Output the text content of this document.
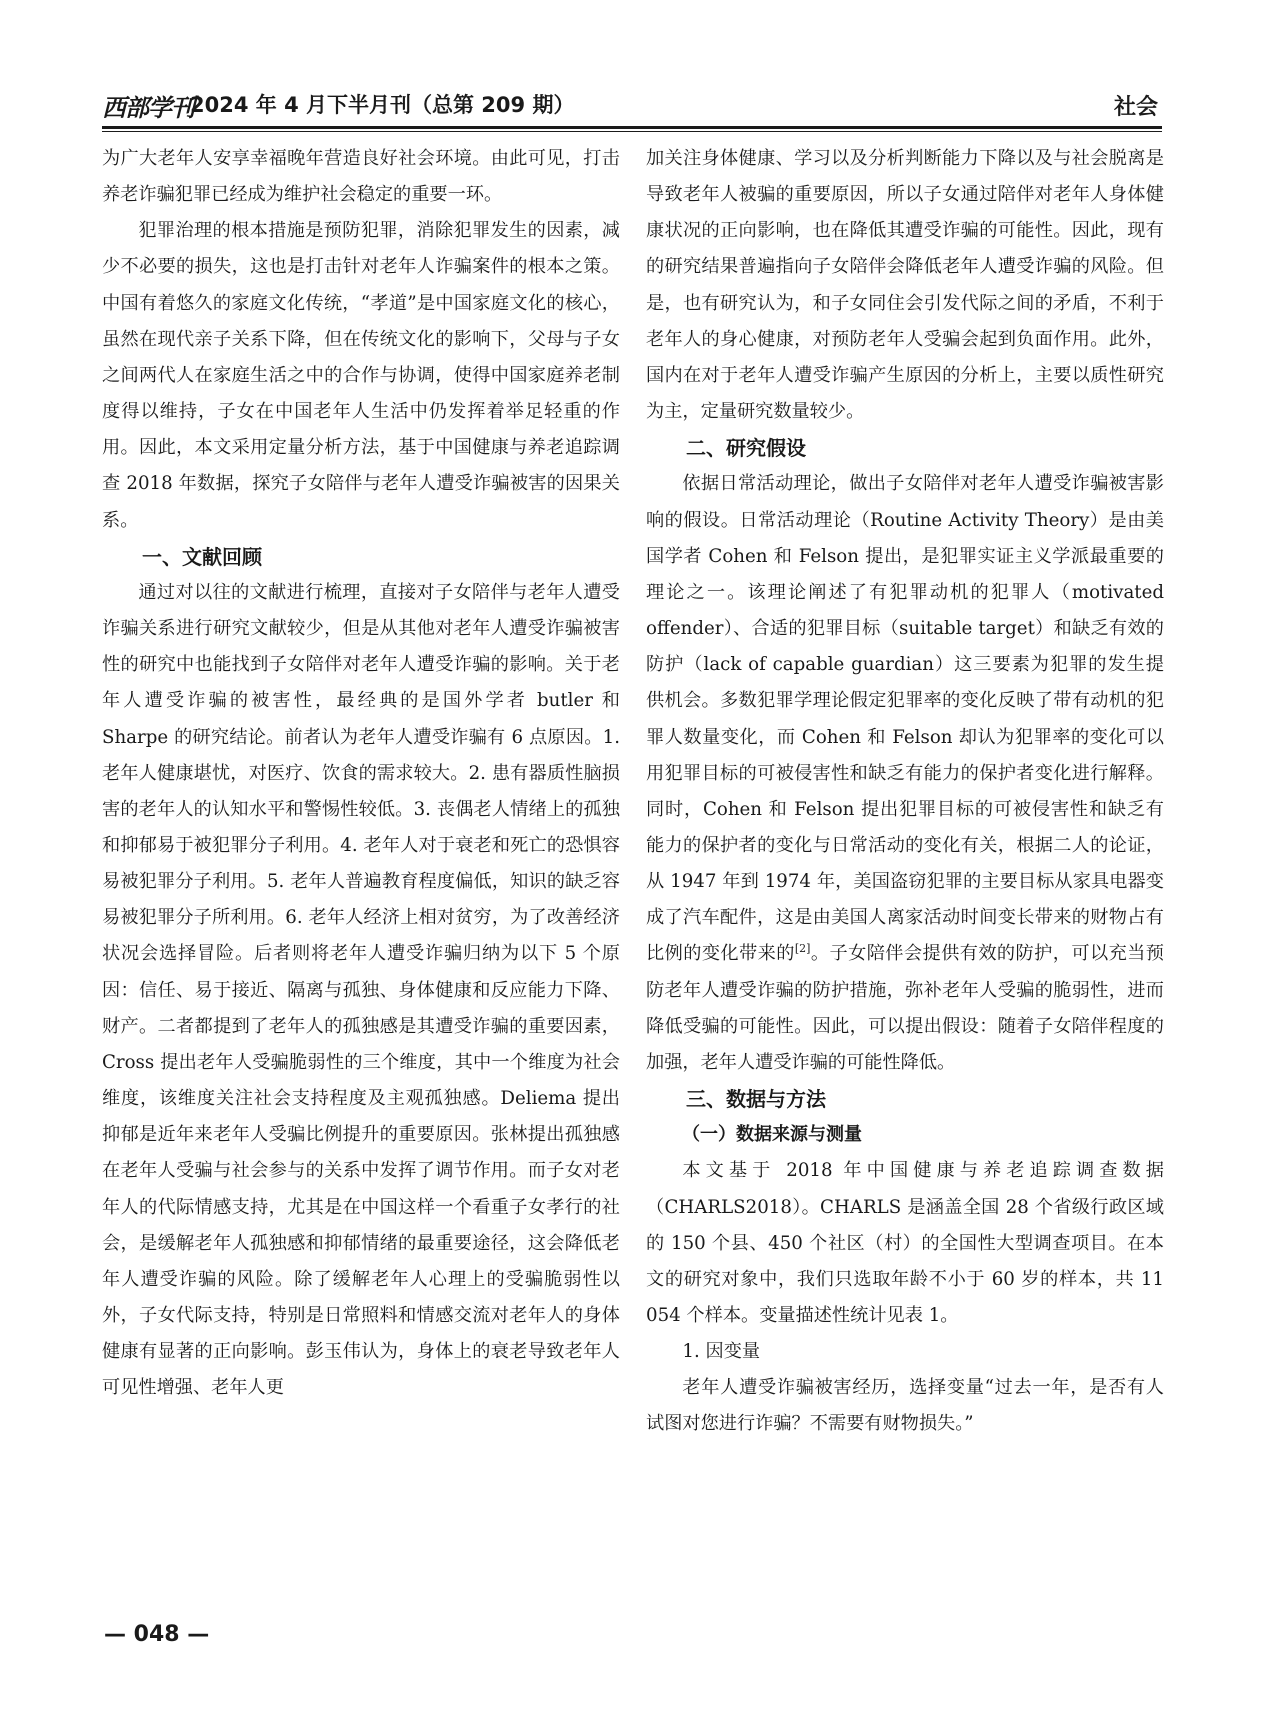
西部学刊
2024 年 4 月下半月刊（总第 209 期）	社会

为广大老年人安享幸福晚年营造良好社会环境。由此可见，打击养老诈骗犯罪已经成为维护社会稳定的重要一环。

犯罪治理的根本措施是预防犯罪，消除犯罪发生的因素，减少不必要的损失，这也是打击针对老年人诈骗案件的根本之策。中国有着悠久的家庭文化传统，“孝道”是中国家庭文化的核心，虽然在现代亲子关系下降，但在传统文化的影响下，父母与子女之间两代人在家庭生活之中的合作与协调，使得中国家庭养老制度得以维持，子女在中国老年人生活中仍发挥着举足轻重的作用。因此，本文采用定量分析方法，基于中国健康与养老追踪调查 2018 年数据，探究子女陪伴与老年人遭受诈骗被害的因果关系。

一、文献回顾

通过对以往的文献进行梳理，直接对子女陪伴与老年人遭受诈骗关系进行研究文献较少，但是从其他对老年人遭受诈骗被害性的研究中也能找到子女陪伴对老年人遭受诈骗的影响。关于老年人遭受诈骗的被害性，最经典的是国外学者 butler 和 Sharpe 的研究结论。前者认为老年人遭受诈骗有 6 点原因。1. 老年人健康堪忧，对医疗、饮食的需求较大。2. 患有器质性脑损害的老年人的认知水平和警惕性较低。3. 丧偶老人情绪上的孤独和抑郁易于被犯罪分子利用。4. 老年人对于衰老和死亡的恐惧容易被犯罪分子利用。5. 老年人普遍教育程度偏低，知识的缺乏容易被犯罪分子所利用。6. 老年人经济上相对贫穷，为了改善经济状况会选择冒险。后者则将老年人遭受诈骗归纳为以下 5 个原因：信任、易于接近、隔离与孤独、身体健康和反应能力下降、财产。二者都提到了老年人的孤独感是其遭受诈骗的重要因素，Cross 提出老年人受骗脆弱性的三个维度，其中一个维度为社会维度，该维度关注社会支持程度及主观孤独感。Deliema 提出抑郁是近年来老年人受骗比例提升的重要原因。张林提出孤独感在老年人受骗与社会参与的关系中发挥了调节作用。而子女对老年人的代际情感支持，尤其是在中国这样一个看重子女孝行的社会，是缓解老年人孤独感和抑郁情绪的最重要途径，这会降低老年人遭受诈骗的风险。除了缓解老年人心理上的受骗脆弱性以外，子女代际支持，特别是日常照料和情感交流对老年人的身体健康有显著的正向影响。彭玉伟认为，身体上的衰老导致老年人可见性增强、老年人更

加关注身体健康、学习以及分析判断能力下降以及与社会脱离是导致老年人被骗的重要原因，所以子女通过陪伴对老年人身体健康状况的正向影响，也在降低其遭受诈骗的可能性。因此，现有的研究结果普遍指向子女陪伴会降低老年人遭受诈骗的风险。但是，也有研究认为，和子女同住会引发代际之间的矛盾，不利于老年人的身心健康，对预防老年人受骗会起到负面作用。此外，国内在对于老年人遭受诈骗产生原因的分析上，主要以质性研究为主，定量研究数量较少。

二、研究假设

依据日常活动理论，做出子女陪伴对老年人遭受诈骗被害影响的假设。日常活动理论（Routine Activity Theory）是由美国学者 Cohen 和 Felson 提出，是犯罪实证主义学派最重要的理论之一。该理论阐述了有犯罪动机的犯罪人（motivated offender）、合适的犯罪目标（suitable target）和缺乏有效的防护（lack of capable guardian）这三要素为犯罪的发生提供机会。多数犯罪学理论假定犯罪率的变化反映了带有动机的犯罪人数量变化，而 Cohen 和 Felson 却认为犯罪率的变化可以用犯罪目标的可被侵害性和缺乏有能力的保护者变化进行解释。同时，Cohen 和 Felson 提出犯罪目标的可被侵害性和缺乏有能力的保护者的变化与日常活动的变化有关，根据二人的论证，从 1947 年到 1974 年，美国盗窃犯罪的主要目标从家具电器变成了汽车配件，这是由美国人离家活动时间变长带来的财物占有比例的变化带来的[2]。子女陪伴会提供有效的防护，可以充当预防老年人遭受诈骗的防护措施，弥补老年人受骗的脆弱性，进而降低受骗的可能性。因此，可以提出假设：随着子女陪伴程度的加强，老年人遭受诈骗的可能性降低。

三、数据与方法
（一）数据来源与测量

本文基于 2018 年中国健康与养老追踪调查数据（CHARLS2018）。CHARLS 是涵盖全国 28 个省级行政区域的 150 个县、450 个社区（村）的全国性大型调查项目。在本文的研究对象中，我们只选取年龄不小于 60 岁的样本，共 11 054 个样本。变量描述性统计见表 1。

1. 因变量

老年人遭受诈骗被害经历，选择变量“过去一年，是否有人试图对您进行诈骗？不需要有财物损失。”

— 048 —
